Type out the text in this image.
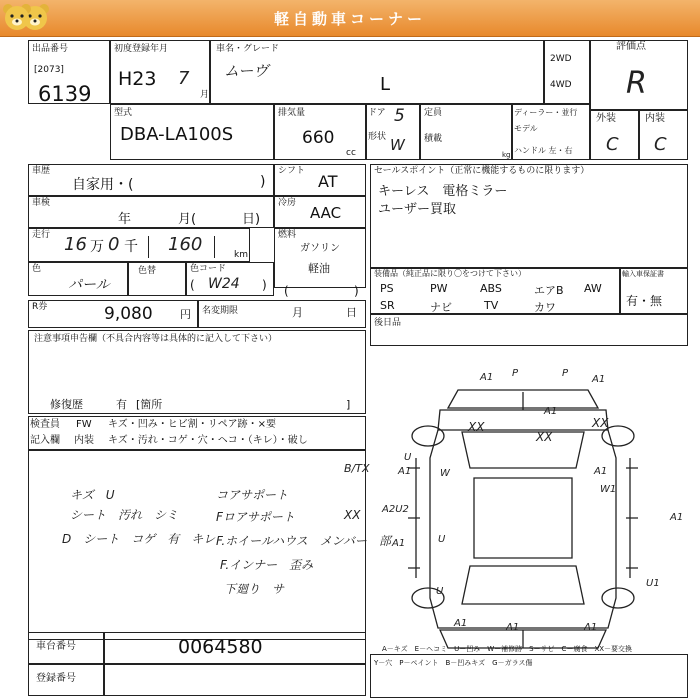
軽自動車コーナー
出品番号
[2073]
6139
初度登録年月
H23 7
月
車名・グレード
ムーヴ
L
2WD
4WD
評価点
R
型式
DBA-LA100S
排気量
660
cc
ドア 5
形状 W
定員
積載
kg
ディーラー・並行
モデル
ハンドル 左・右
外装	内装
C C
車歴
自家用・(	)
シフト
AT
車検
年	月(	日)
冷房
AAC
走行 16 万 0 千 160	km
燃料
ガソリン
軽油
色
パール
色替	色コード
( W24 ) (	)
R券	9,080 円 名変期限	月	日
セールスポイント（正常に機能するものに限ります）
キーレス　電格ミラー
ユーザー買取
装備品（純正品に限り〇をつけて下さい）
PS	PW	ABS	エアB AW
SR	ナビ	TV	カワ
輸入車保証書
有・無
後日品
注意事項申告欄（不具合内容等は具体的に記入して下さい）
修復歴	有 [箇所	]
検査員
記入欄
FW
内装
キズ・凹み・ヒビ割・リペア跡・×要
キズ・汚れ・コゲ・穴・ヘコ・（キレ）・破し
B/TX
キズ　U
シート　汚れ　シミ
D　シート　コゲ　有　キレ
コアサポート
Fロアサポート
F.ホイールハウス　メンバー　部
F.インナー　歪み
下廻り　サ
XX
車台番号	0064580
登録番号
A1 P	P
A1
XX
A1
XX
XX
U
A1	W	A1
W1
A2U2
A1	U
A1
U
A1	A1	A1
U1
A－キズ　E－ヘコミ　U－凹み　W－補修跡　S－サビ　C－腐食　XX－要交換
Y－穴　P－ペイント　B－凹みキズ　G－ガラス傷
